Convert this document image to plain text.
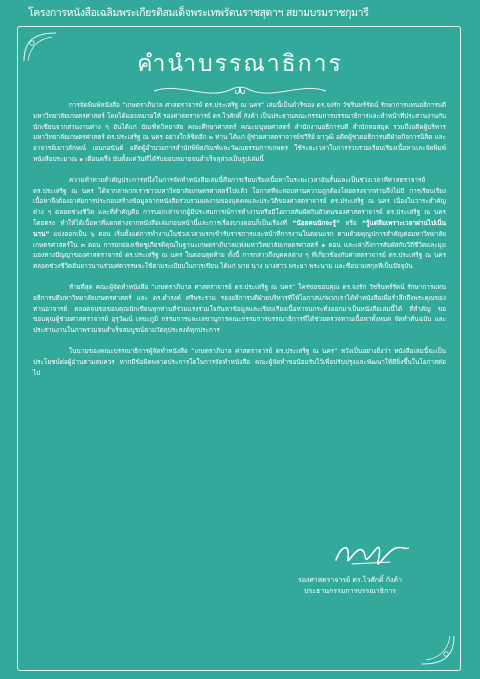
โครงการหนังสือเฉลิมพระเกียรติสมเด็จพระเทพรัตนราชสุดาฯ สยามบรมราชกุมารี
คำนำบรรณาธิการ

การจัดพิมพ์หนังสือ “เกษตราภิบาล ศาสตราจารย์ ดร.ประเสริฐ ณ นคร” เล่มนี้เป็นดำริของ ดร.จงรัก วัชรินทร์รัตน์ รักษาการแทนอธิการบดีมหาวิทยาลัยเกษตรศาสตร์ โดยได้มอบหมายให้ รองศาสตราจารย์ ดร.ไวศักดิ์ กังค้า เป็นประธานคณะกรรมการบรรณาธิการและทำหน้าที่ประสานงานกับนักเขียนจากส่วนงานต่าง ๆ อันได้แก่ บัณฑิตวิทยาลัย คณะศึกษาศาสตร์ คณะมนุษยศาสตร์ สำนักงานอธิการบดี สำนักหอสมุด รวมถึงอดีตผู้บริหารมหาวิทยาลัยเกษตรศาสตร์ ดร.ประเสริฐ ณ นคร อย่างใกล้ชิดอีก ๒ ท่าน ได้แก่ ผู้ช่วยศาสตราจารย์ชวีริย์ ยาวุฒิ อดีตผู้ช่วยอธิการบดีฝ่ายกิจการนิสิต และอาจารย์เยาวลักษณ์ เอนกอนันต์ อดีตผู้อำนวยการสำนักพิพิธภัณฑ์และวัฒนธรรมการเกษตร ใช้ระยะเวลาในการรวบรวมเรียบเรียงเนื้อหาและจัดพิมพ์หนังสือประมาณ ๑ เดือนครึ่ง นับตั้งแต่วันที่ได้รับมอบหมายจนสำเร็จลุล่วงเป็นรูปเล่มนี้

ความท้าทายสำคัญประการหนึ่งในการจัดทำหนังสือเล่มนี้คือการเรียบเรียงเนื้อหาในระยะเวลาอันสั้นและเป็นช่วงเวลาที่ศาสตราจารย์ ดร.ประเสริฐ ณ นคร ได้จากลาพวกเราชาวมหาวิทยาลัยเกษตรศาสตร์ไปแล้ว โอกาสที่จะสอบทานความถูกต้องโดยตรงจากท่านจึงไม่มี การเรียบเรียงเนื้อหาจึงต้องอาศัยการประกอบสร้างข้อมูลจากหนังสือรวบรวมผลงานของบุคคลและประวัติของศาสตราจารย์ ดร.ประเสริฐ ณ นคร เนื่องในวาระสำคัญต่าง ๆ ตลอดช่วงชีวิต และที่สำคัญคือ การบอกเล่าจากผู้มีประสบการณ์การทำงานหรือมีโอกาสสัมผัสกับตัวตนของศาสตราจารย์ ดร.ประเสริฐ ณ นคร โดยตรง ทำให้ได้เนื้อหาที่แตกต่างจากหนังสือเล่มก่อนหน้านี้และการเรื่องบางตอนก็เป็นเรื่องที่ “น้อยคนนักจะรู้” หรือ “รู้แต่ลืมเพราะเวลาผ่านไปเนิ่นนาน” แบ่งออกเป็น ๖ ตอน เริ่มตั้งแต่การทำงานในช่วงเวลาแรกเข้ารับราชการและหน้าที่การงานในตอนแรก ตามด้วยคุณูปการสำคัญต่อมหาวิทยาลัยเกษตรศาสตร์ใน ๓ ตอน การยกย่องเชิดชูเกียรติคุณในฐานะเกษตราภิบาลแห่งมหาวิทยาลัยเกษตรศาสตร์ ๑ ตอน และเล่าถึงการสัมผัสกับวิถีชีวิตและมุมมองทางปัญญาของศาสตราจารย์ ดร.ประเสริฐ ณ นคร ในตอนสุดท้าย ทั้งนี้ การกล่าวถึงบุคคลต่าง ๆ ที่เกี่ยวข้องกับศาสตราจารย์ ดร.ประเสริฐ ณ นคร ตลอดช่วงชีวิตอันยาวนานร่วมศตวรรษจะใช้ตามระเบียบในการเขียน ได้แก่ นาย นาง นางสาว พระยา พระนาม และชื่อนามสกุลที่เป็นปัจจุบัน

ท้ายที่สุด คณะผู้จัดทำหนังสือ “เกษตราภิบาล ศาสตราจารย์ ดร.ประเสริฐ ณ นคร” ใคร่ขอขอบคุณ ดร.จงรัก วัชรินทร์รัตน์ รักษาการแทนอธิการบดีมหาวิทยาลัยเกษตรศาสตร์ และ ดร.ดำรงค์ ศรีพระราม รองอธิการบดีฝ่ายบริหารที่ให้โอกาสแก่พวกเราได้ทำหนังสือเพื่อรำลึกถึงพระคุณของท่านอาจารย์ ตลอดจนขอขอบคุณนักเขียนทุกท่านที่ร่วมแรงร่วมใจกันหาข้อมูลและเรียบเรียงเนื้อหาจนกระทั่งออกมาเป็นหนังสือเล่มนี้ได้ ที่สำคัญ ขอขอบคุณผู้ช่วยศาสตราจารย์ อุรุวัฒน์ เลขะภูมิ กรรมการและเลขานุการคณะกรรมการบรรณาธิการที่ได้ช่วยตรวจทานเนื้อหาทั้งหมด จัดทำต้นฉบับ และประสานงานในภาพรวมจนสำเร็จสมบูรณ์ตามวัตถุประสงค์ทุกประการ

ในนามของคณะบรรณาธิการผู้จัดทำหนังสือ “เกษตราภิบาล ศาสตราจารย์ ดร.ประเสริฐ ณ นคร” หวังเป็นอย่างยิ่งว่า หนังสือเล่มนี้จะเป็นประโยชน์ต่อผู้อ่านตามสมควร หากมีข้อผิดพลาดประการใดในการจัดทำหนังสือ คณะผู้จัดทำขอน้อมรับไว้เพื่อปรับปรุงและพัฒนาให้ดียิ่งขึ้นในโอกาสต่อไป

รองศาสตราจารย์ ดร.ไวศักดิ์ กังค้า
ประธานกรรมการบรรณาธิการ
